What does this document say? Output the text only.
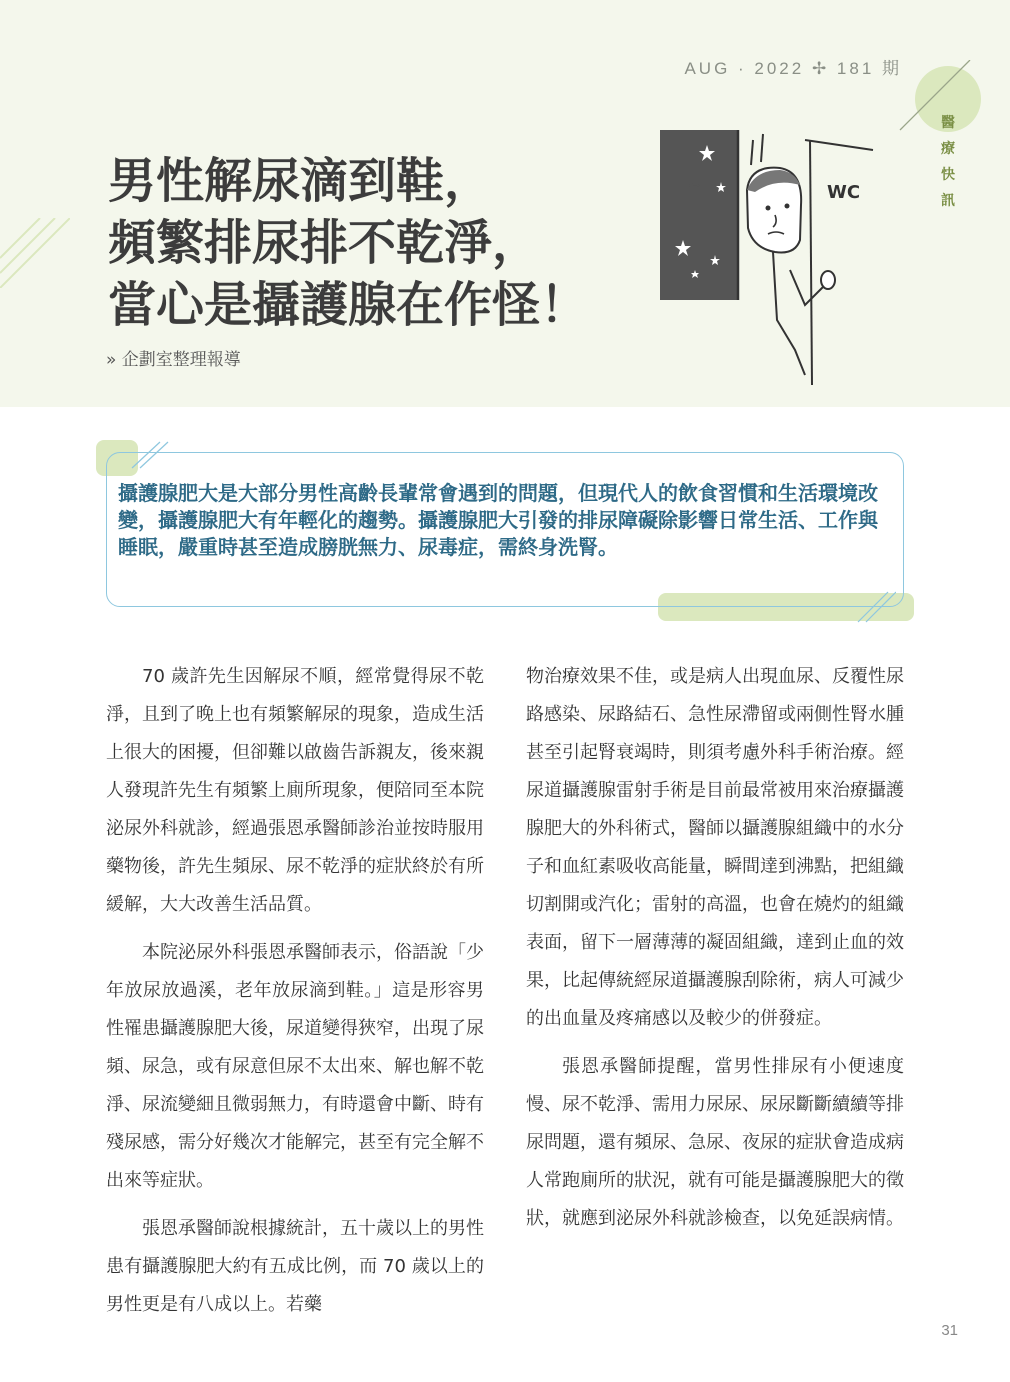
AUG · 2022 ✢ 181 期
醫療快訊
男性解尿滴到鞋，
頻繁排尿排不乾淨，
當心是攝護腺在作怪！
» 企劃室整理報導
WC
攝護腺肥大是大部分男性高齡長輩常會遇到的問題，但現代人的飲食習慣和生活環境改變，攝護腺肥大有年輕化的趨勢。攝護腺肥大引發的排尿障礙除影響日常生活、工作與睡眠，嚴重時甚至造成膀胱無力、尿毒症，需終身洗腎。

70 歲許先生因解尿不順，經常覺得尿不乾淨，且到了晚上也有頻繁解尿的現象，造成生活上很大的困擾，但卻難以啟齒告訴親友，後來親人發現許先生有頻繁上廁所現象，便陪同至本院泌尿外科就診，經過張恩承醫師診治並按時服用藥物後，許先生頻尿、尿不乾淨的症狀終於有所緩解，大大改善生活品質。

本院泌尿外科張恩承醫師表示，俗語說「少年放尿放過溪，老年放尿滴到鞋。」這是形容男性罹患攝護腺肥大後，尿道變得狹窄，出現了尿頻、尿急，或有尿意但尿不太出來、解也解不乾淨、尿流變細且微弱無力，有時還會中斷、時有殘尿感，需分好幾次才能解完，甚至有完全解不出來等症狀。

張恩承醫師說根據統計，五十歲以上的男性患有攝護腺肥大約有五成比例，而 70 歲以上的男性更是有八成以上。若藥

物治療效果不佳，或是病人出現血尿、反覆性尿路感染、尿路結石、急性尿滯留或兩側性腎水腫甚至引起腎衰竭時，則須考慮外科手術治療。經尿道攝護腺雷射手術是目前最常被用來治療攝護腺肥大的外科術式，醫師以攝護腺組織中的水分子和血紅素吸收高能量，瞬間達到沸點，把組織切割開或汽化；雷射的高溫，也會在燒灼的組織表面，留下一層薄薄的凝固組織，達到止血的效果，比起傳統經尿道攝護腺刮除術，病人可減少的出血量及疼痛感以及較少的併發症。

張恩承醫師提醒，當男性排尿有小便速度慢、尿不乾淨、需用力尿尿、尿尿斷斷續續等排尿問題，還有頻尿、急尿、夜尿的症狀會造成病人常跑廁所的狀況，就有可能是攝護腺肥大的徵狀，就應到泌尿外科就診檢查，以免延誤病情。

31
